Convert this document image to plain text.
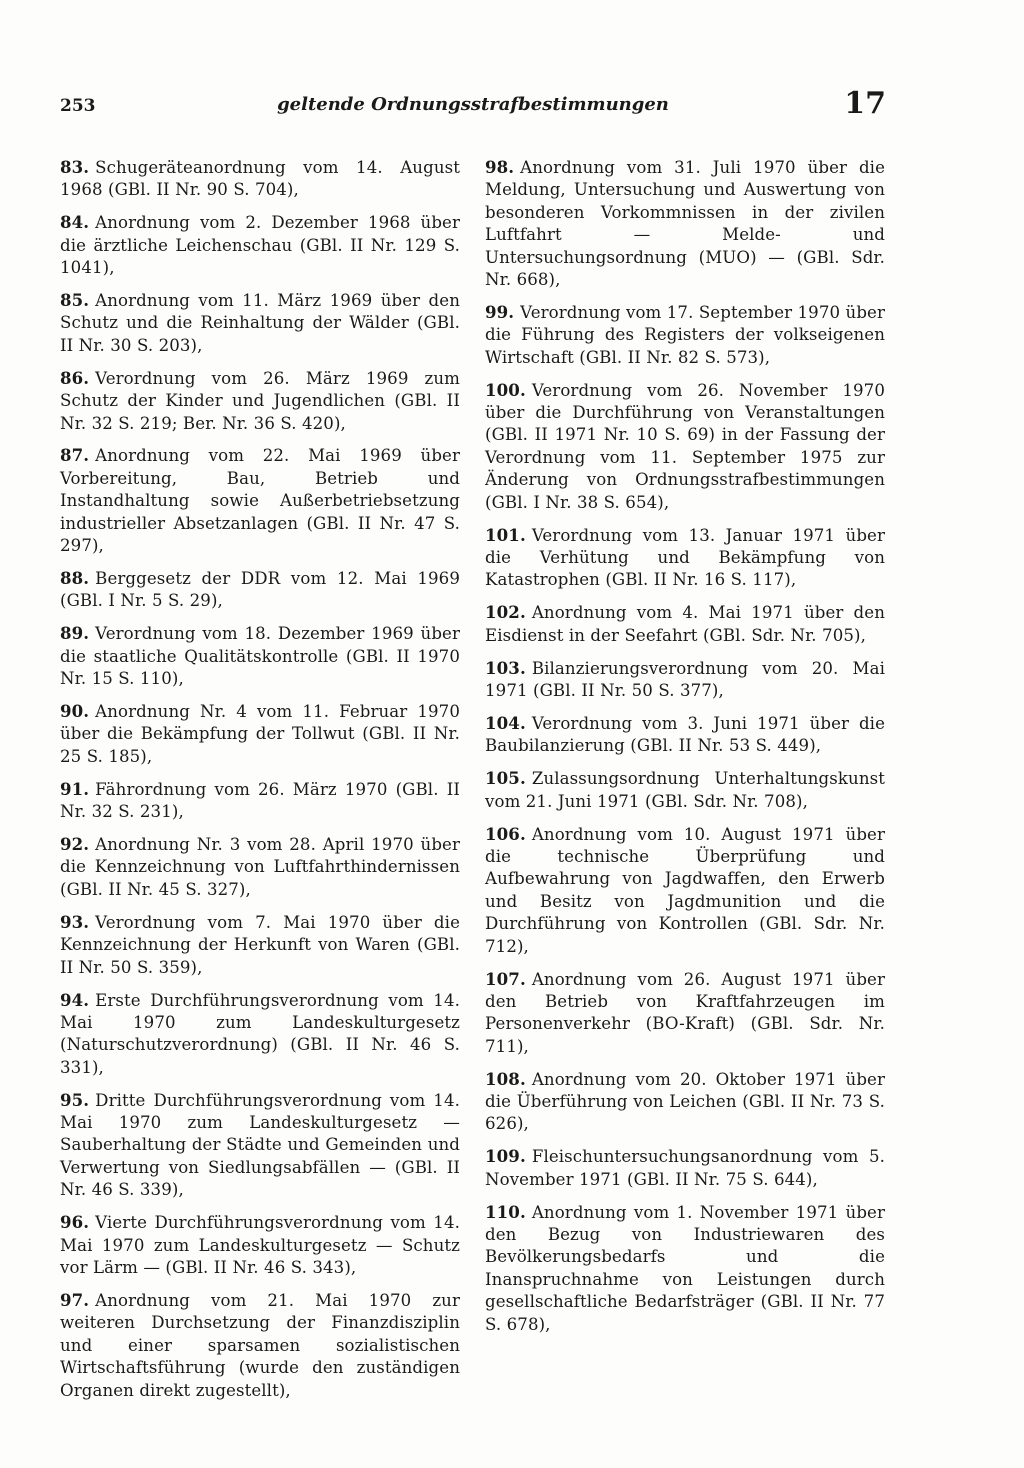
253	geltende Ordnungsstrafbestimmungen	17

83. Schugeräteanordnung vom 14. August 1968 (GBl. II Nr. 90 S. 704),

84. Anordnung vom 2. Dezember 1968 über die ärztliche Leichenschau (GBl. II Nr. 129 S. 1041),

85. Anordnung vom 11. März 1969 über den Schutz und die Reinhaltung der Wälder (GBl. II Nr. 30 S. 203),

86. Verordnung vom 26. März 1969 zum Schutz der Kinder und Jugendlichen (GBl. II Nr. 32 S. 219; Ber. Nr. 36 S. 420),

87. Anordnung vom 22. Mai 1969 über Vorbereitung, Bau, Betrieb und Instandhaltung sowie Außerbetriebsetzung industrieller Absetzanlagen (GBl. II Nr. 47 S. 297),

88. Berggesetz der DDR vom 12. Mai 1969 (GBl. I Nr. 5 S. 29),

89. Verordnung vom 18. Dezember 1969 über die staatliche Qualitätskontrolle (GBl. II 1970 Nr. 15 S. 110),

90. Anordnung Nr. 4 vom 11. Februar 1970 über die Bekämpfung der Tollwut (GBl. II Nr. 25 S. 185),

91. Fährordnung vom 26. März 1970 (GBl. II Nr. 32 S. 231),

92. Anordnung Nr. 3 vom 28. April 1970 über die Kennzeichnung von Luftfahrthindernissen (GBl. II Nr. 45 S. 327),

93. Verordnung vom 7. Mai 1970 über die Kennzeichnung der Herkunft von Waren (GBl. II Nr. 50 S. 359),

94. Erste Durchführungsverordnung vom 14. Mai 1970 zum Landeskulturgesetz (Naturschutzverordnung) (GBl. II Nr. 46 S. 331),

95. Dritte Durchführungsverordnung vom 14. Mai 1970 zum Landeskulturgesetz — Sauberhaltung der Städte und Gemeinden und Verwertung von Siedlungsabfällen — (GBl. II Nr. 46 S. 339),

96. Vierte Durchführungsverordnung vom 14. Mai 1970 zum Landeskulturgesetz — Schutz vor Lärm — (GBl. II Nr. 46 S. 343),

97. Anordnung vom 21. Mai 1970 zur weiteren Durchsetzung der Finanzdisziplin und einer sparsamen sozialistischen Wirtschaftsführung (wurde den zuständigen Organen direkt zugestellt),

98. Anordnung vom 31. Juli 1970 über die Meldung, Untersuchung und Auswertung von besonderen Vorkommnissen in der zivilen Luftfahrt — Melde- und Untersuchungsordnung (MUO) — (GBl. Sdr. Nr. 668),

99. Verordnung vom 17. September 1970 über die Führung des Registers der volkseigenen Wirtschaft (GBl. II Nr. 82 S. 573),

100. Verordnung vom 26. November 1970 über die Durchführung von Veranstaltungen (GBl. II 1971 Nr. 10 S. 69) in der Fassung der Verordnung vom 11. September 1975 zur Änderung von Ordnungsstrafbestimmungen (GBl. I Nr. 38 S. 654),

101. Verordnung vom 13. Januar 1971 über die Verhütung und Bekämpfung von Katastrophen (GBl. II Nr. 16 S. 117),

102. Anordnung vom 4. Mai 1971 über den Eisdienst in der Seefahrt (GBl. Sdr. Nr. 705),

103. Bilanzierungsverordnung vom 20. Mai 1971 (GBl. II Nr. 50 S. 377),

104. Verordnung vom 3. Juni 1971 über die Baubilanzierung (GBl. II Nr. 53 S. 449),

105. Zulassungsordnung Unterhaltungskunst vom 21. Juni 1971 (GBl. Sdr. Nr. 708),

106. Anordnung vom 10. August 1971 über die technische Überprüfung und Aufbewahrung von Jagdwaffen, den Erwerb und Besitz von Jagdmunition und die Durchführung von Kontrollen (GBl. Sdr. Nr. 712),

107. Anordnung vom 26. August 1971 über den Betrieb von Kraftfahrzeugen im Personenverkehr (BO-Kraft) (GBl. Sdr. Nr. 711),

108. Anordnung vom 20. Oktober 1971 über die Überführung von Leichen (GBl. II Nr. 73 S. 626),

109. Fleischuntersuchungsanordnung vom 5. November 1971 (GBl. II Nr. 75 S. 644),

110. Anordnung vom 1. November 1971 über den Bezug von Industriewaren des Bevölkerungsbedarfs und die Inanspruchnahme von Leistungen durch gesellschaftliche Bedarfsträger (GBl. II Nr. 77 S. 678),
